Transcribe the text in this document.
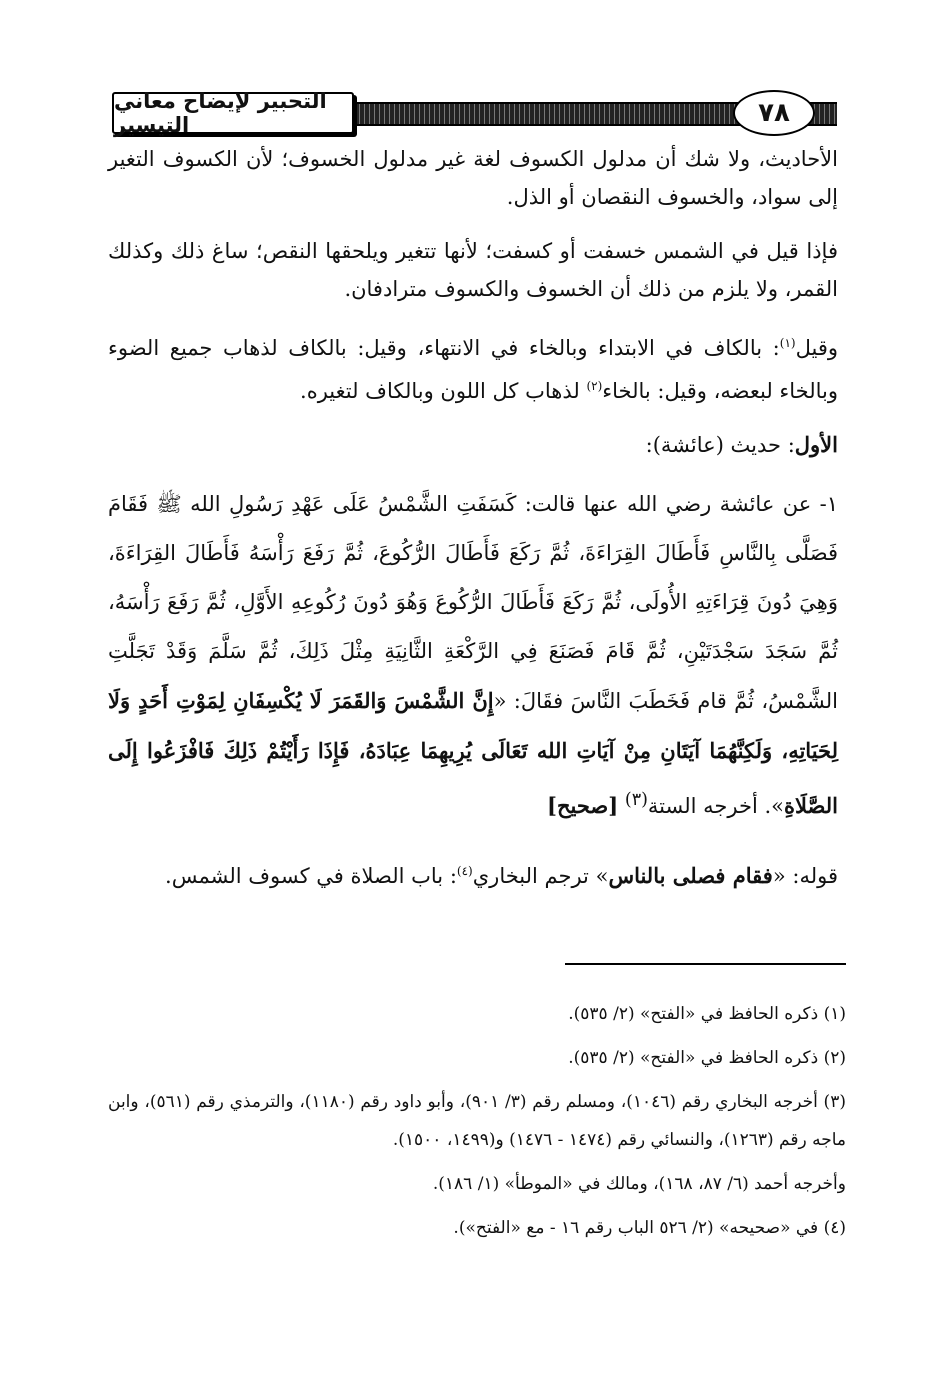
التحبير لإيضاح معاني التيسير	٧٨

الأحاديث، ولا شك أن مدلول الكسوف لغة غير مدلول الخسوف؛ لأن الكسوف التغير إلى سواد، والخسوف النقصان أو الذل.

فإذا قيل في الشمس خسفت أو كسفت؛ لأنها تتغير ويلحقها النقص؛ ساغ ذلك وكذلك القمر، ولا يلزم من ذلك أن الخسوف والكسوف مترادفان.

وقيل$^{(١)}$: بالكاف في الابتداء وبالخاء في الانتهاء، وقيل: بالكاف لذهاب جميع الضوء وبالخاء لبعضه، وقيل: بالخاء$^{(٢)}$ لذهاب كل اللون وبالكاف لتغيره.

الأول: حديث (عائشة):

١- عن عائشة رضي الله عنها قالت: كَسَفَتِ الشَّمْسُ عَلَى عَهْدِ رَسُولِ الله ﷺ فَقَامَ فَصَلَّى بِالنَّاسِ فَأَطَالَ القِرَاءَةَ، ثُمَّ رَكَعَ فَأَطَالَ الرُّكُوعَ، ثُمَّ رَفَعَ رَأْسَهُ فَأَطَالَ القِرَاءَةَ، وَهِيَ دُونَ قِرَاءَتِهِ الأُولَى، ثُمَّ رَكَعَ فَأَطَالَ الرُّكُوعَ وَهُوَ دُونَ رُكُوعِهِ الأَوَّلِ، ثُمَّ رَفَعَ رَأْسَهُ، ثُمَّ سَجَدَ سَجْدَتَيْنِ، ثُمَّ قَامَ فَصَنَعَ فِي الرَّكْعَةِ الثَّانِيَةِ مِثْلَ ذَلِكَ، ثُمَّ سَلَّمَ وَقَدْ تَجَلَّتِ الشَّمْسُ، ثُمَّ قام فَخَطَبَ النَّاسَ فقَالَ: «إِنَّ الشَّمْسَ وَالقَمَرَ لَا يُكْسِفَانِ لِمَوْتِ أَحَدٍ وَلَا لِحَيَاتِهِ، وَلَكِنَّهُمَا آيَتَانِ مِنْ آيَاتِ الله تَعَالَى يُرِيهِمَا عِبَادَهُ، فَإِذَا رَأَيْتُمْ ذَلِكَ فَافْزَعُوا إِلَى الصَّلَاةِ». أخرجه الستة$^{(٣)}$ [صحيح]

قوله: «فقام فصلى بالناس» ترجم البخاري$^{(٤)}$: باب الصلاة في كسوف الشمس.

(١) ذكره الحافظ في «الفتح» (٢/ ٥٣٥).

(٢) ذكره الحافظ في «الفتح» (٢/ ٥٣٥).

(٣) أخرجه البخاري رقم (١٠٤٦)، ومسلم رقم (٣/ ٩٠١)، وأبو داود رقم (١١٨٠)، والترمذي رقم (٥٦١)، وابن ماجه رقم (١٢٦٣)، والنسائي رقم (١٤٧٤ - ١٤٧٦) و(١٤٩٩، ١٥٠٠).

وأخرجه أحمد (٦/ ٨٧، ١٦٨)، ومالك في «الموطأ» (١/ ١٨٦).

(٤) في «صحيحه» (٢/ ٥٢٦ الباب رقم ١٦ - مع «الفتح»).
